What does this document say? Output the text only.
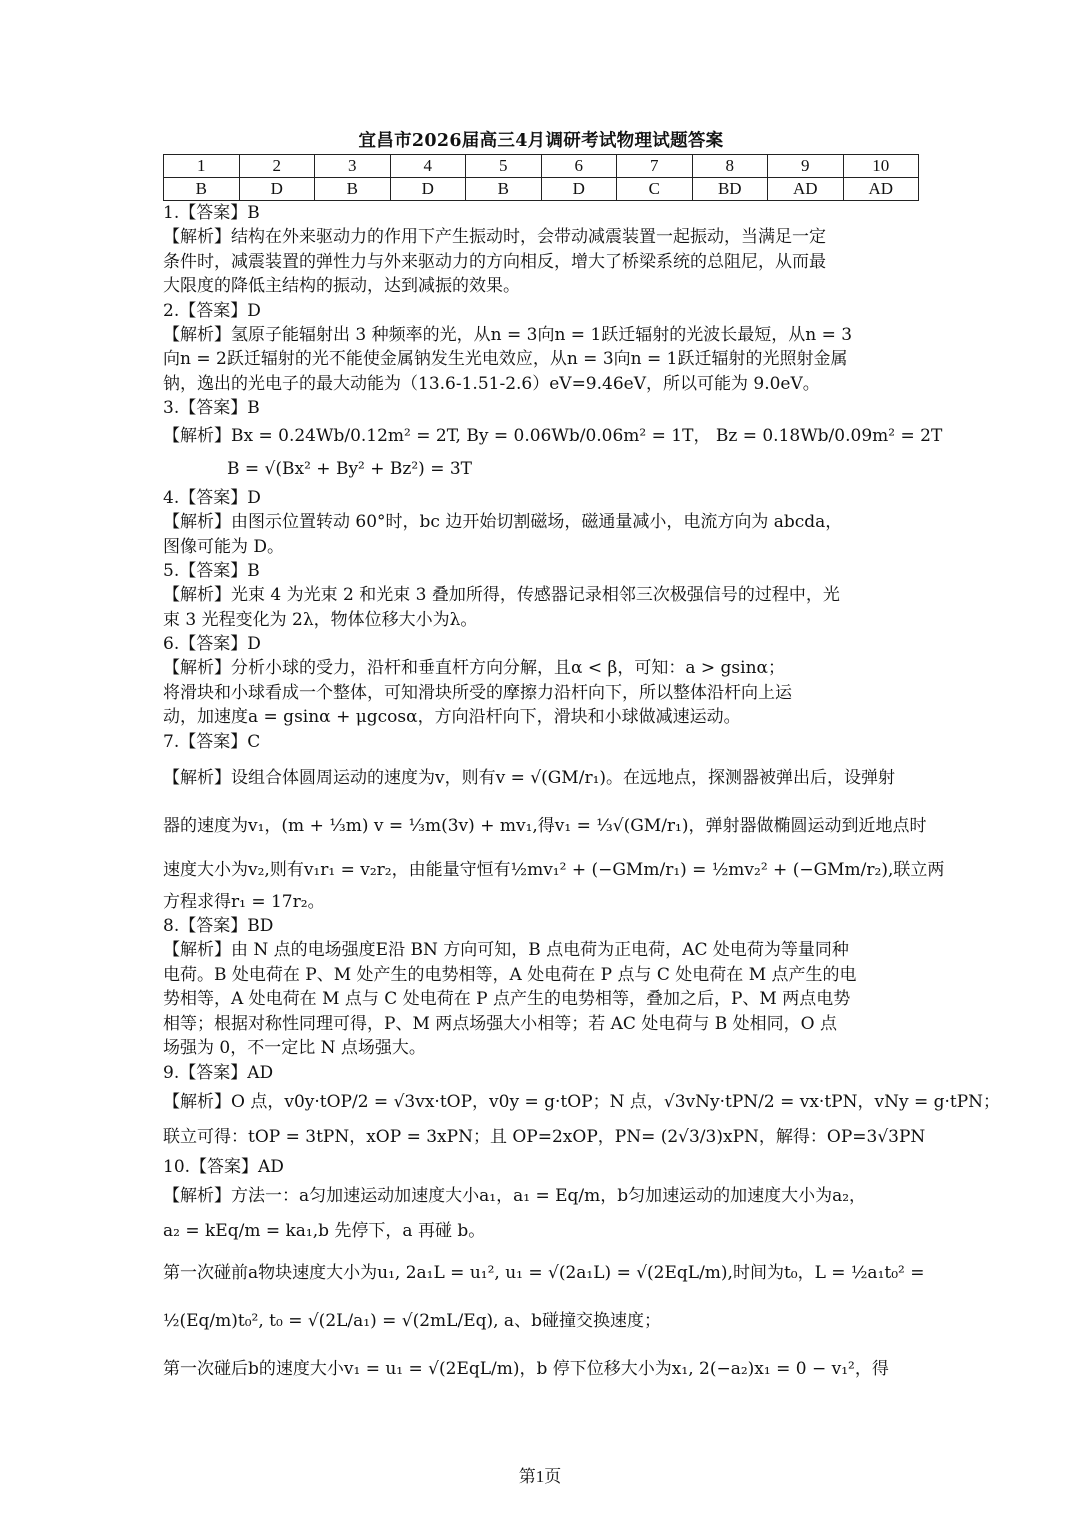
宜昌市2026届高三4月调研考试物理试题答案
1	2	3	4	5	6	7	8	9	10
B	D	B	D	B	D	C	BD	AD	AD
1.【答案】B
【解析】结构在外来驱动力的作用下产生振动时，会带动减震装置一起振动，当满足一定
条件时，减震装置的弹性力与外来驱动力的方向相反，增大了桥梁系统的总阻尼，从而最
大限度的降低主结构的振动，达到减振的效果。
2.【答案】D
【解析】氢原子能辐射出 3 种频率的光，从n = 3向n = 1跃迁辐射的光波长最短，从n = 3
向n = 2跃迁辐射的光不能使金属钠发生光电效应，从n = 3向n = 1跃迁辐射的光照射金属
钠，逸出的光电子的最大动能为（13.6-1.51-2.6）eV=9.46eV，所以可能为 9.0eV。
3.【答案】B
【解析】Bx = 0.24Wb/0.12m² = 2T, By = 0.06Wb/0.06m² = 1T， Bz = 0.18Wb/0.09m² = 2T
B = √(Bx² + By² + Bz²) = 3T
4.【答案】D
【解析】由图示位置转动 60°时，bc 边开始切割磁场，磁通量减小，电流方向为 abcda，
图像可能为 D。
5.【答案】B
【解析】光束 4 为光束 2 和光束 3 叠加所得，传感器记录相邻三次极强信号的过程中，光
束 3 光程变化为 2λ，物体位移大小为λ。
6.【答案】D
【解析】分析小球的受力，沿杆和垂直杆方向分解，且α < β，可知：a > gsinα；
将滑块和小球看成一个整体，可知滑块所受的摩擦力沿杆向下，所以整体沿杆向上运
动，加速度a = gsinα + μgcosα，方向沿杆向下，滑块和小球做减速运动。
7.【答案】C
【解析】设组合体圆周运动的速度为v，则有v = √(GM/r₁)。在远地点，探测器被弹出后，设弹射
器的速度为v₁，(m + ⅓m) v = ⅓m(3v) + mv₁,得v₁ = ⅓√(GM/r₁)，弹射器做椭圆运动到近地点时
速度大小为v₂,则有v₁r₁ = v₂r₂，由能量守恒有½mv₁² + (−GMm/r₁) = ½mv₂² + (−GMm/r₂),联立两
方程求得r₁ = 17r₂。
8.【答案】BD
【解析】由 N 点的电场强度E沿 BN 方向可知，B 点电荷为正电荷，AC 处电荷为等量同种
电荷。B 处电荷在 P、M 处产生的电势相等，A 处电荷在 P 点与 C 处电荷在 M 点产生的电
势相等，A 处电荷在 M 点与 C 处电荷在 P 点产生的电势相等，叠加之后，P、M 两点电势
相等；根据对称性同理可得，P、M 两点场强大小相等；若 AC 处电荷与 B 处相同，O 点
场强为 0，不一定比 N 点场强大。
9.【答案】AD
【解析】O 点，v0y·tOP/2 = √3vx·tOP，v0y = g·tOP；N 点，√3vNy·tPN/2 = vx·tPN，vNy = g·tPN；
联立可得：tOP = 3tPN，xOP = 3xPN；且 OP=2xOP，PN= (2√3/3)xPN，解得：OP=3√3PN
10.【答案】AD
【解析】方法一：a匀加速运动加速度大小a₁，a₁ = Eq/m，b匀加速运动的加速度大小为a₂，
a₂ = kEq/m = ka₁,b 先停下，a 再碰 b。
第一次碰前a物块速度大小为u₁, 2a₁L = u₁², u₁ = √(2a₁L) = √(2EqL/m),时间为t₀，L = ½a₁t₀² =
½(Eq/m)t₀², t₀ = √(2L/a₁) = √(2mL/Eq), a、b碰撞交换速度；
第一次碰后b的速度大小v₁ = u₁ = √(2EqL/m)，b 停下位移大小为x₁, 2(−a₂)x₁ = 0 − v₁²，得
第1页
